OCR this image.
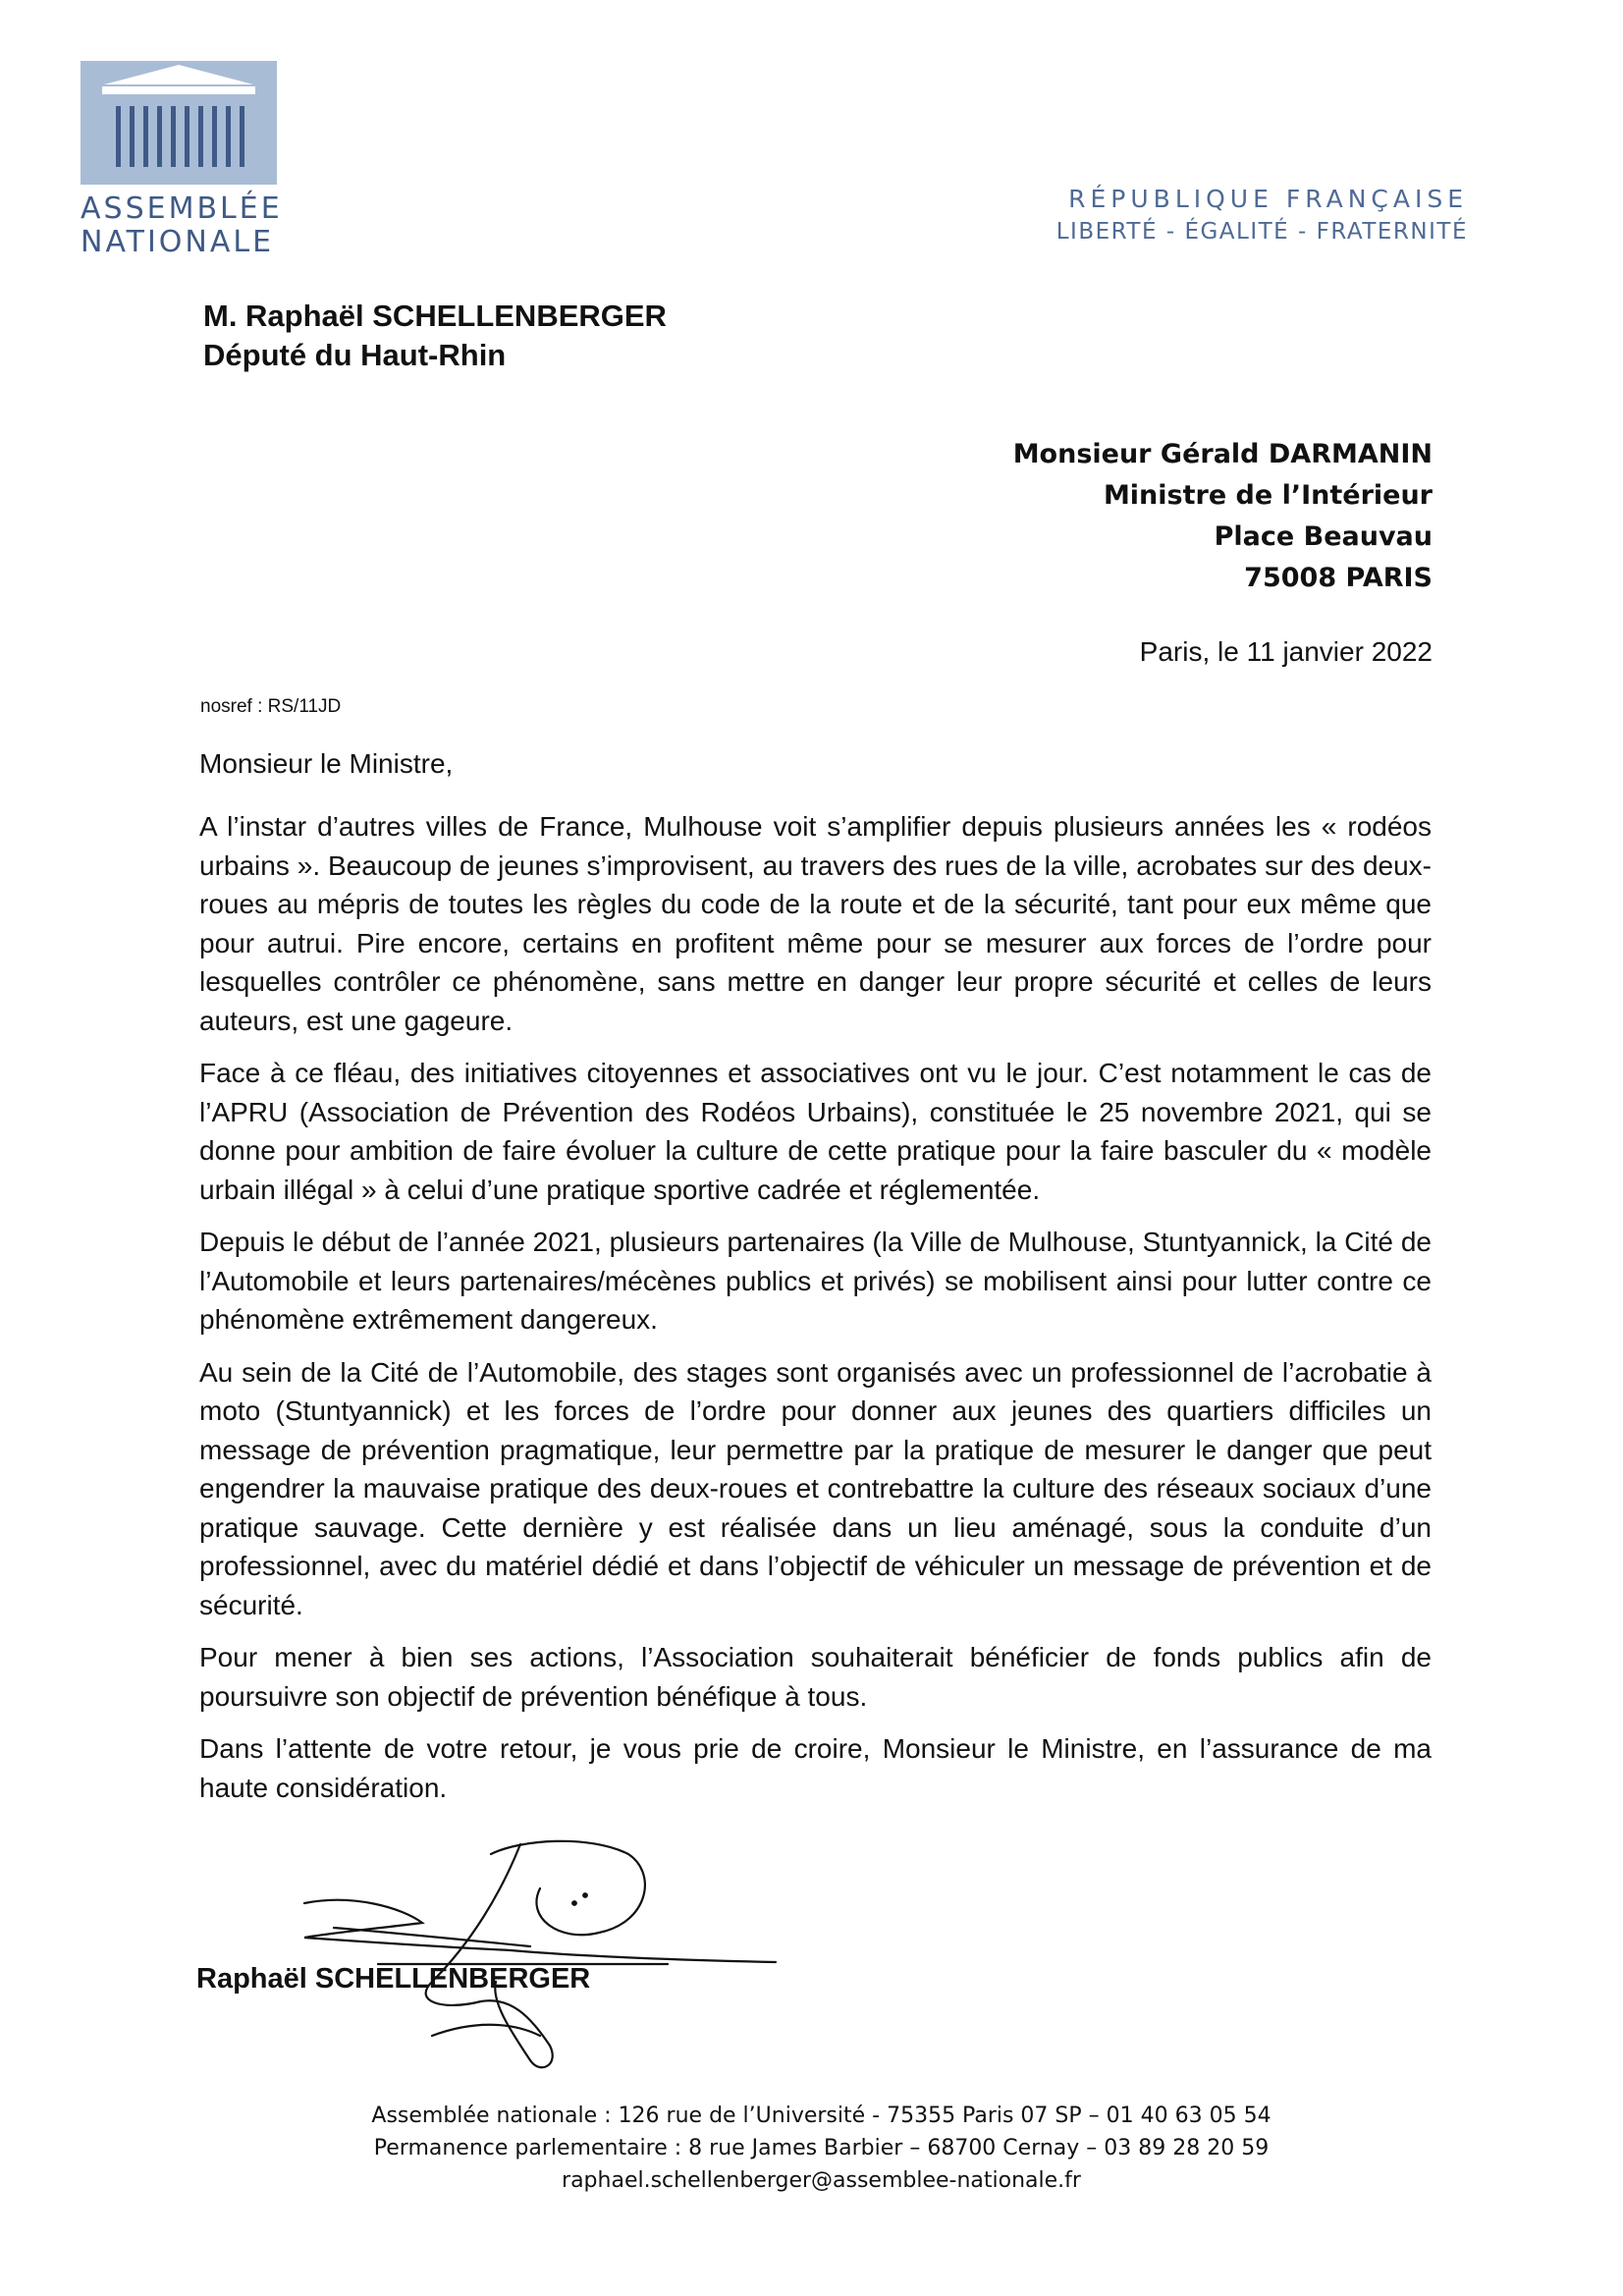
ASSEMBLÉE
NATIONALE
RÉPUBLIQUE FRANÇAISE
LIBERTÉ - ÉGALITÉ - FRATERNITÉ
M. Raphaël SCHELLENBERGER
Député du Haut-Rhin
Monsieur Gérald DARMANIN
Ministre de l’Intérieur
Place Beauvau
75008 PARIS
Paris, le 11 janvier 2022
nosref : RS/11JD
Monsieur le Ministre,

A l’instar d’autres villes de France, Mulhouse voit s’amplifier depuis plusieurs années les « rodéos urbains ». Beaucoup de jeunes s’improvisent, au travers des rues de la ville, acrobates sur des deux-roues au mépris de toutes les règles du code de la route et de la sécurité, tant pour eux même que pour autrui. Pire encore, certains en profitent même pour se mesurer aux forces de l’ordre pour lesquelles contrôler ce phénomène, sans mettre en danger leur propre sécurité et celles de leurs auteurs, est une gageure.

Face à ce fléau, des initiatives citoyennes et associatives ont vu le jour. C’est notamment le cas de l’APRU (Association de Prévention des Rodéos Urbains), constituée le 25 novembre 2021, qui se donne pour ambition de faire évoluer la culture de cette pratique pour la faire basculer du « modèle urbain illégal » à celui d’une pratique sportive cadrée et réglementée.

Depuis le début de l’année 2021, plusieurs partenaires (la Ville de Mulhouse, Stuntyannick, la Cité de l’Automobile et leurs partenaires/mécènes publics et privés) se mobilisent ainsi pour lutter contre ce phénomène extrêmement dangereux.

Au sein de la Cité de l’Automobile, des stages sont organisés avec un professionnel de l’acrobatie à moto (Stuntyannick) et les forces de l’ordre pour donner aux jeunes des quartiers difficiles un message de prévention pragmatique, leur permettre par la pratique de mesurer le danger que peut engendrer la mauvaise pratique des deux-roues et contrebattre la culture des réseaux sociaux d’une pratique sauvage. Cette dernière y est réalisée dans un lieu aménagé, sous la conduite d’un professionnel, avec du matériel dédié et dans l’objectif de véhiculer un message de prévention et de sécurité.

Pour mener à bien ses actions, l’Association souhaiterait bénéficier de fonds publics afin de poursuivre son objectif de prévention bénéfique à tous.

Dans l’attente de votre retour, je vous prie de croire, Monsieur le Ministre, en l’assurance de ma haute considération.

Raphaël SCHELLENBERGER
Assemblée nationale : 126 rue de l’Université - 75355 Paris 07 SP – 01 40 63 05 54
Permanence parlementaire : 8 rue James Barbier – 68700 Cernay – 03 89 28 20 59
raphael.schellenberger@assemblee-nationale.fr
